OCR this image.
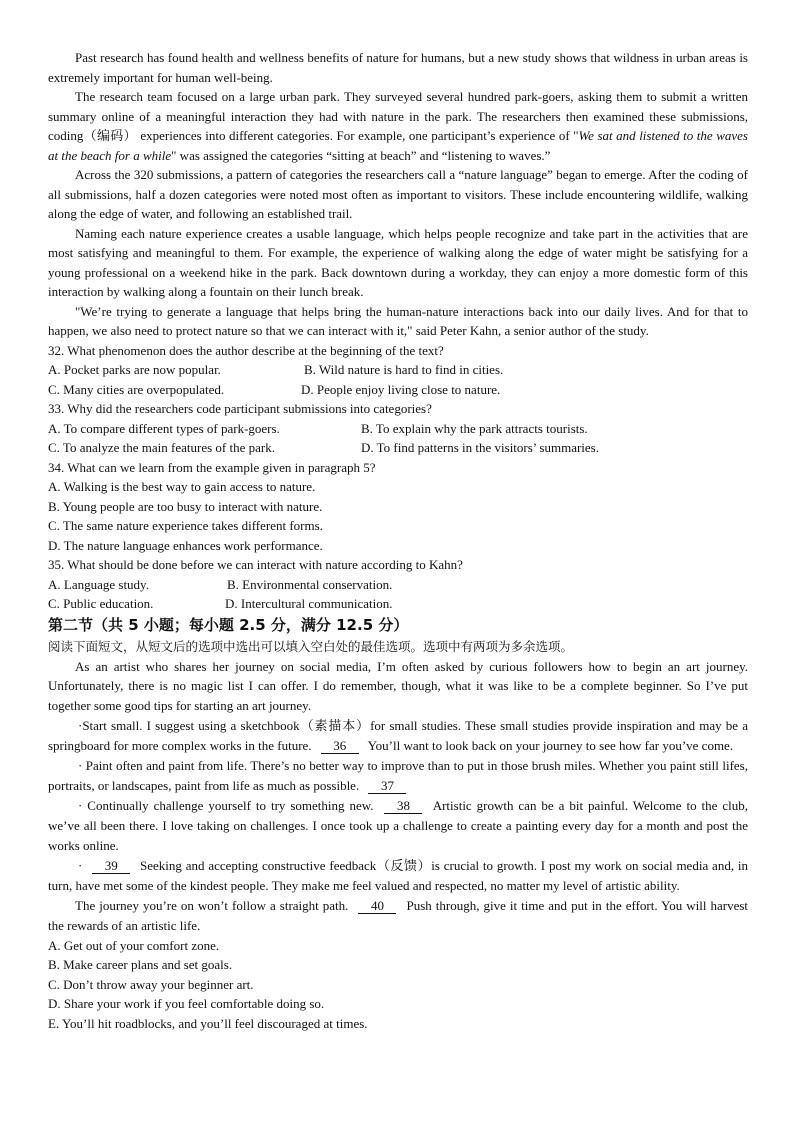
Past research has found health and wellness benefits of nature for humans, but a new study shows that wildness in urban areas is extremely important for human well-being.
The research team focused on a large urban park. They surveyed several hundred park-goers, asking them to submit a written summary online of a meaningful interaction they had with nature in the park. The researchers then examined these submissions, coding（编码） experiences into different categories. For example, one participant’s experience of "We sat and listened to the waves at the beach for a while" was assigned the categories “sitting at beach” and “listening to waves.”
Across the 320 submissions, a pattern of categories the researchers call a “nature language” began to emerge. After the coding of all submissions, half a dozen categories were noted most often as important to visitors. These include encountering wildlife, walking along the edge of water, and following an established trail.
Naming each nature experience creates a usable language, which helps people recognize and take part in the activities that are most satisfying and meaningful to them. For example, the experience of walking along the edge of water might be satisfying for a young professional on a weekend hike in the park. Back downtown during a workday, they can enjoy a more domestic form of this interaction by walking along a fountain on their lunch break.
"We’re trying to generate a language that helps bring the human-nature interactions back into our daily lives. And for that to happen, we also need to protect nature so that we can interact with it," said Peter Kahn, a senior author of the study.
32. What phenomenon does the author describe at the beginning of the text?
A. Pocket parks are now popular.	B. Wild nature is hard to find in cities.
C. Many cities are overpopulated.	D. People enjoy living close to nature.
33. Why did the researchers code participant submissions into categories?
A. To compare different types of park-goers.	B. To explain why the park attracts tourists.
C. To analyze the main features of the park.	D. To find patterns in the visitors’ summaries.
34. What can we learn from the example given in paragraph 5?
A. Walking is the best way to gain access to nature.
B. Young people are too busy to interact with nature.
C. The same nature experience takes different forms.
D. The nature language enhances work performance.
35. What should be done before we can interact with nature according to Kahn?
A. Language study.	B. Environmental conservation.
C. Public education.	D. Intercultural communication.
第二节（共 5 小题；每小题 2.5 分，满分 12.5 分）
阅读下面短文，从短文后的选项中选出可以填入空白处的最佳选项。选项中有两项为多余选项。
As an artist who shares her journey on social media, I’m often asked by curious followers how to begin an art journey. Unfortunately, there is no magic list I can offer. I do remember, though, what it was like to be a complete beginner. So I’ve put together some good tips for starting an art journey.
·Start small. I suggest using a sketchbook（素描本）for small studies. These small studies provide inspiration and may be a springboard for more complex works in the future. 36 You’ll want to look back on your journey to see how far you’ve come.
· Paint often and paint from life. There’s no better way to improve than to put in those brush miles. Whether you paint still lifes, portraits, or landscapes, paint from life as much as possible. 37
· Continually challenge yourself to try something new. 38 Artistic growth can be a bit painful. Welcome to the club, we’ve all been there. I love taking on challenges. I once took up a challenge to create a painting every day for a month and post the works online.
· 39 Seeking and accepting constructive feedback（反馈）is crucial to growth. I post my work on social media and, in turn, have met some of the kindest people. They make me feel valued and respected, no matter my level of artistic ability.
The journey you’re on won’t follow a straight path. 40 Push through, give it time and put in the effort. You will harvest the rewards of an artistic life.
A. Get out of your comfort zone.
B. Make career plans and set goals.
C. Don’t throw away your beginner art.
D. Share your work if you feel comfortable doing so.
E. You’ll hit roadblocks, and you’ll feel discouraged at times.
